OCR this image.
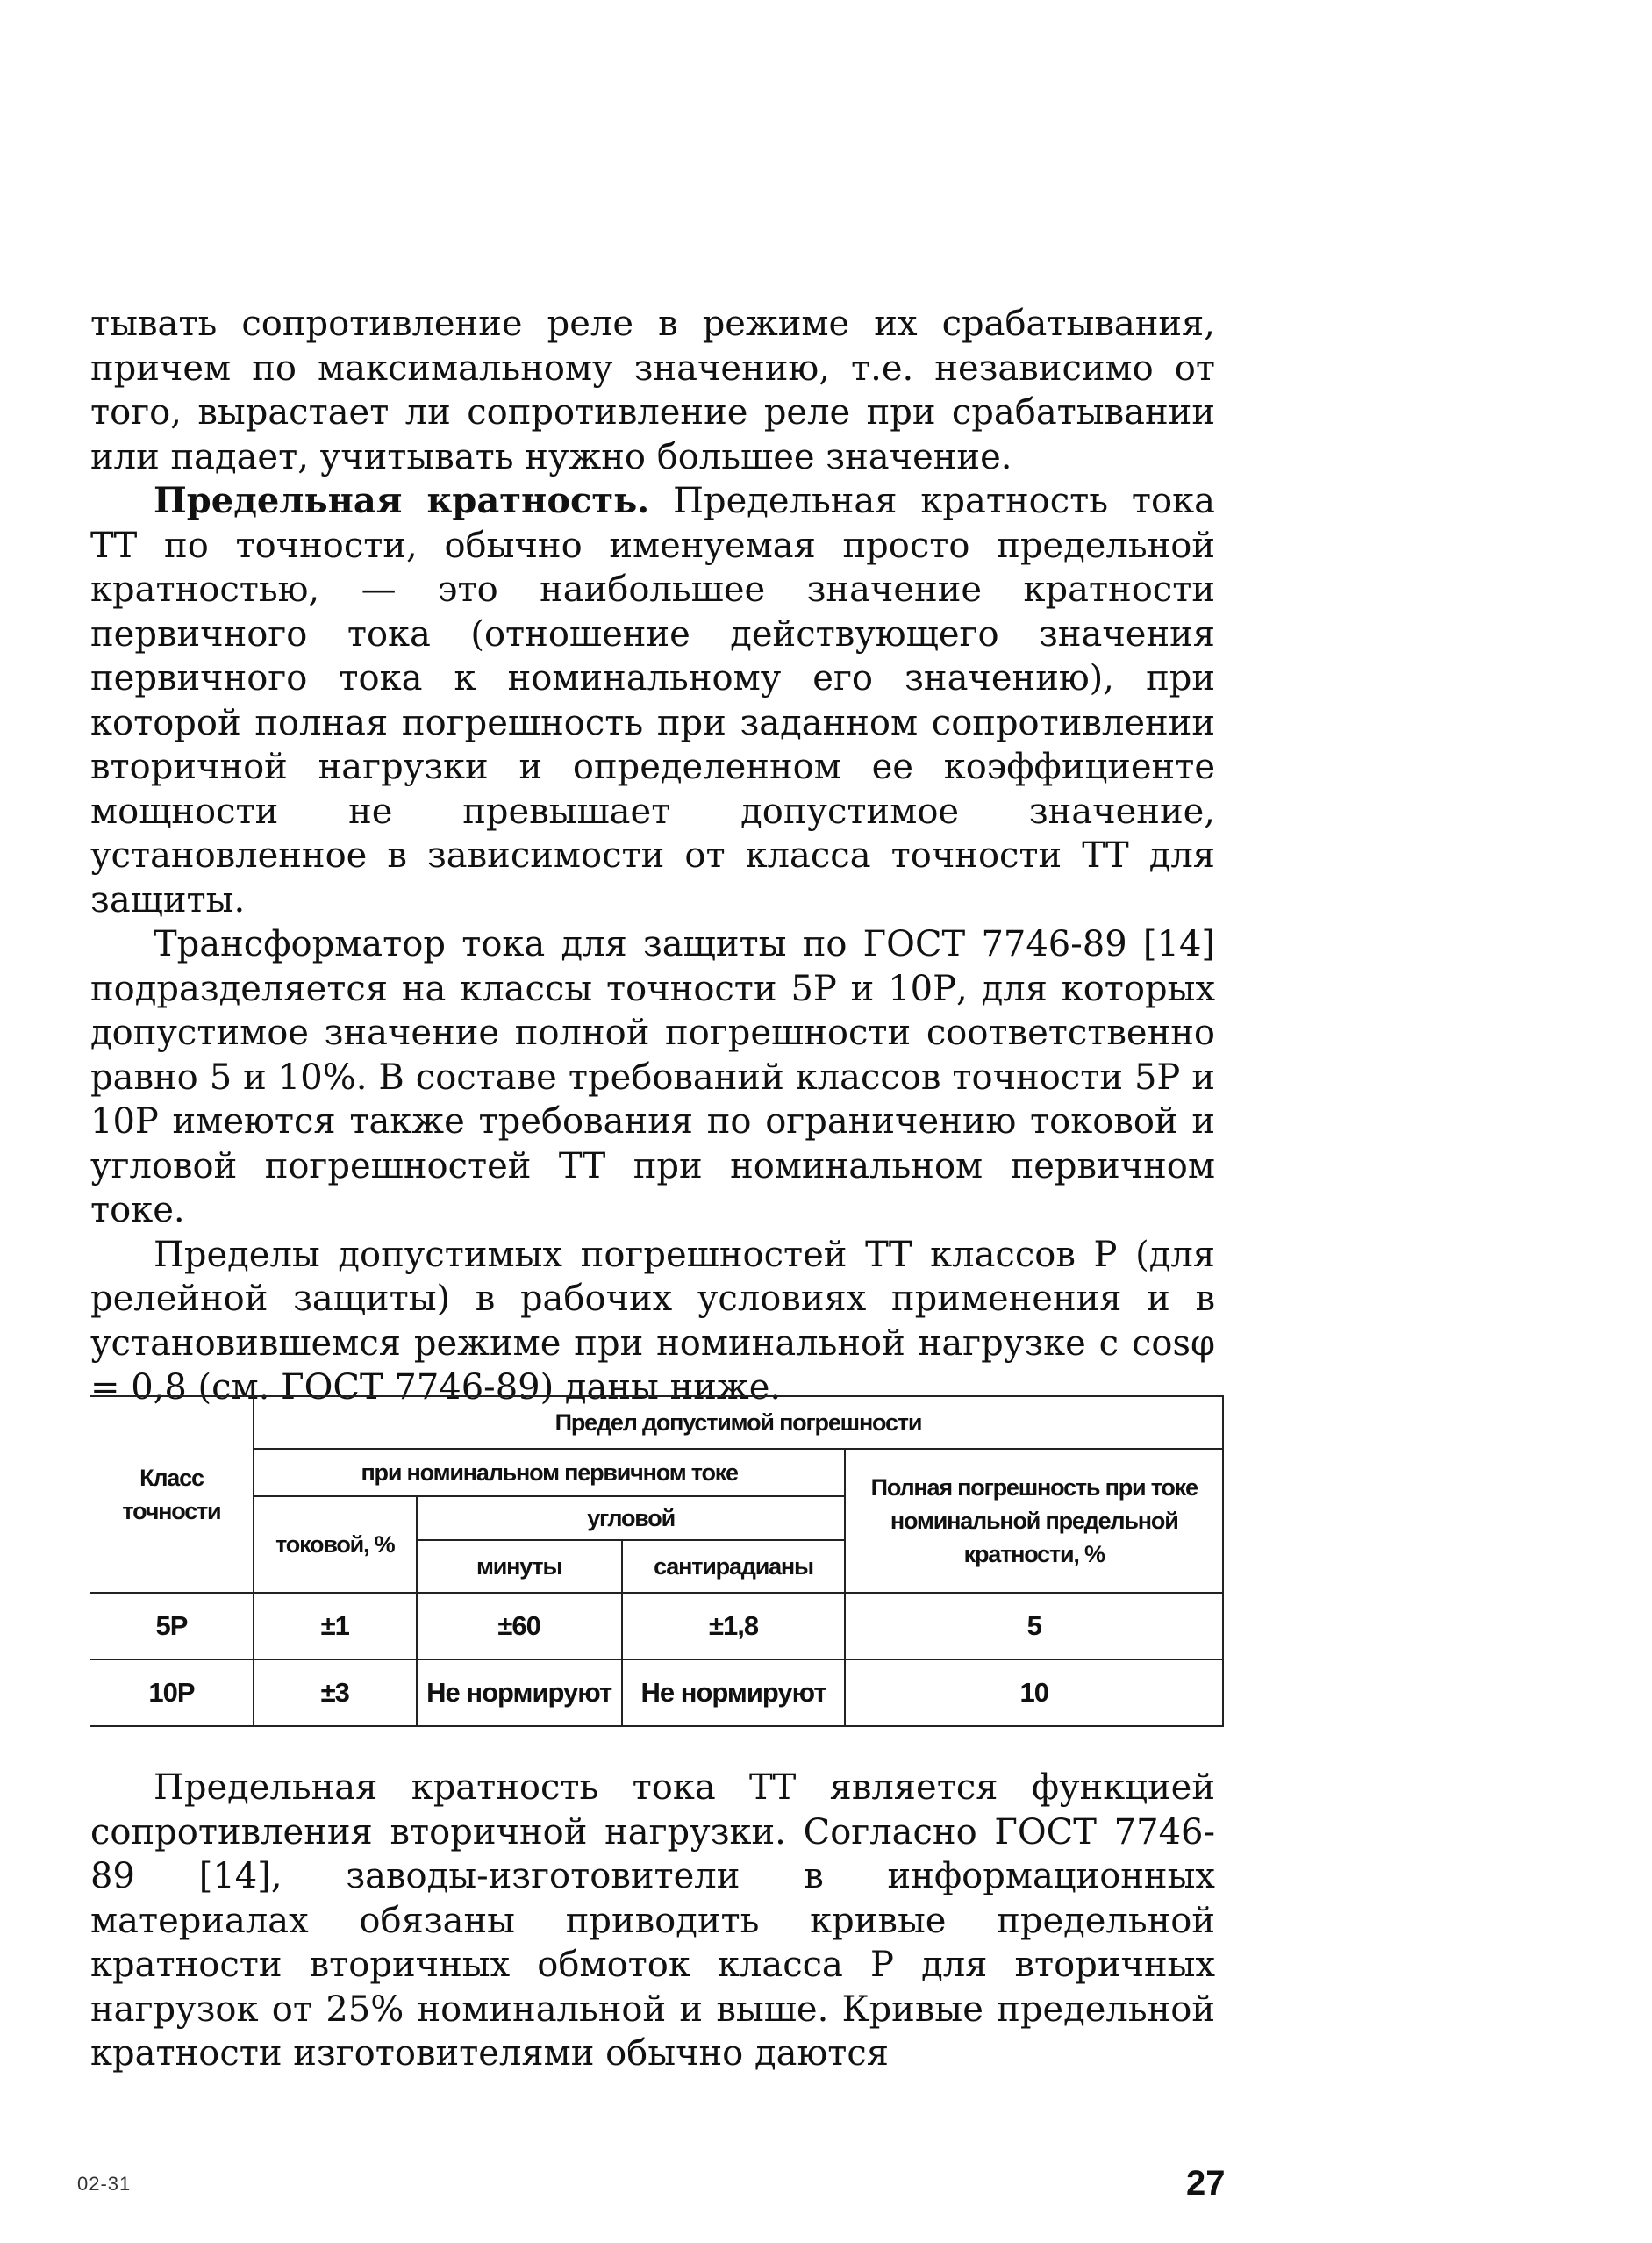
тывать сопротивление реле в режиме их срабатывания, причем по максимальному значению, т.е. независимо от того, вырастает ли сопротивление реле при срабатывании или падает, учитывать нужно большее значение.

Предельная кратность. Предельная кратность тока ТТ по точности, обычно именуемая просто предельной кратностью, — это наибольшее значение кратности первичного тока (отношение действующего значения первичного тока к номинальному его значению), при которой полная погрешность при заданном сопротивлении вторичной нагрузки и определенном ее коэффициенте мощности не превышает допустимое значение, установленное в зависимости от класса точности ТТ для защиты.

Трансформатор тока для защиты по ГОСТ 7746-89 [14] подразделяется на классы точности 5Р и 10Р, для которых допустимое значение полной погрешности соответственно равно 5 и 10%. В составе требований классов точности 5Р и 10Р имеются также требования по ограничению токовой и угловой погрешностей ТТ при номинальном первичном токе.

Пределы допустимых погрешностей ТТ классов Р (для релейной защиты) в рабочих условиях применения и в установившемся режиме при номинальной нагрузке с cosφ = 0,8 (см. ГОСТ 7746-89) даны ниже.

Класс точности	Предел допустимой погрешности			
	при номинальном первичном токе			Полная погрешность при токе номинальной предельной кратности, %
	токовой, %	угловой		
		минуты	сантирадианы	
5Р	±1	±60	±1,8	5
10Р	±3	Не нормируют	Не нормируют	10

Предельная кратность тока ТТ является функцией сопротивления вторичной нагрузки. Согласно ГОСТ 7746-89 [14], заводы-изготовители в информационных материалах обязаны приводить кривые предельной кратности вторичных обмоток класса Р для вторичных нагрузок от 25% номинальной и выше. Кривые предельной кратности изготовителями обычно даются

02-31	27
